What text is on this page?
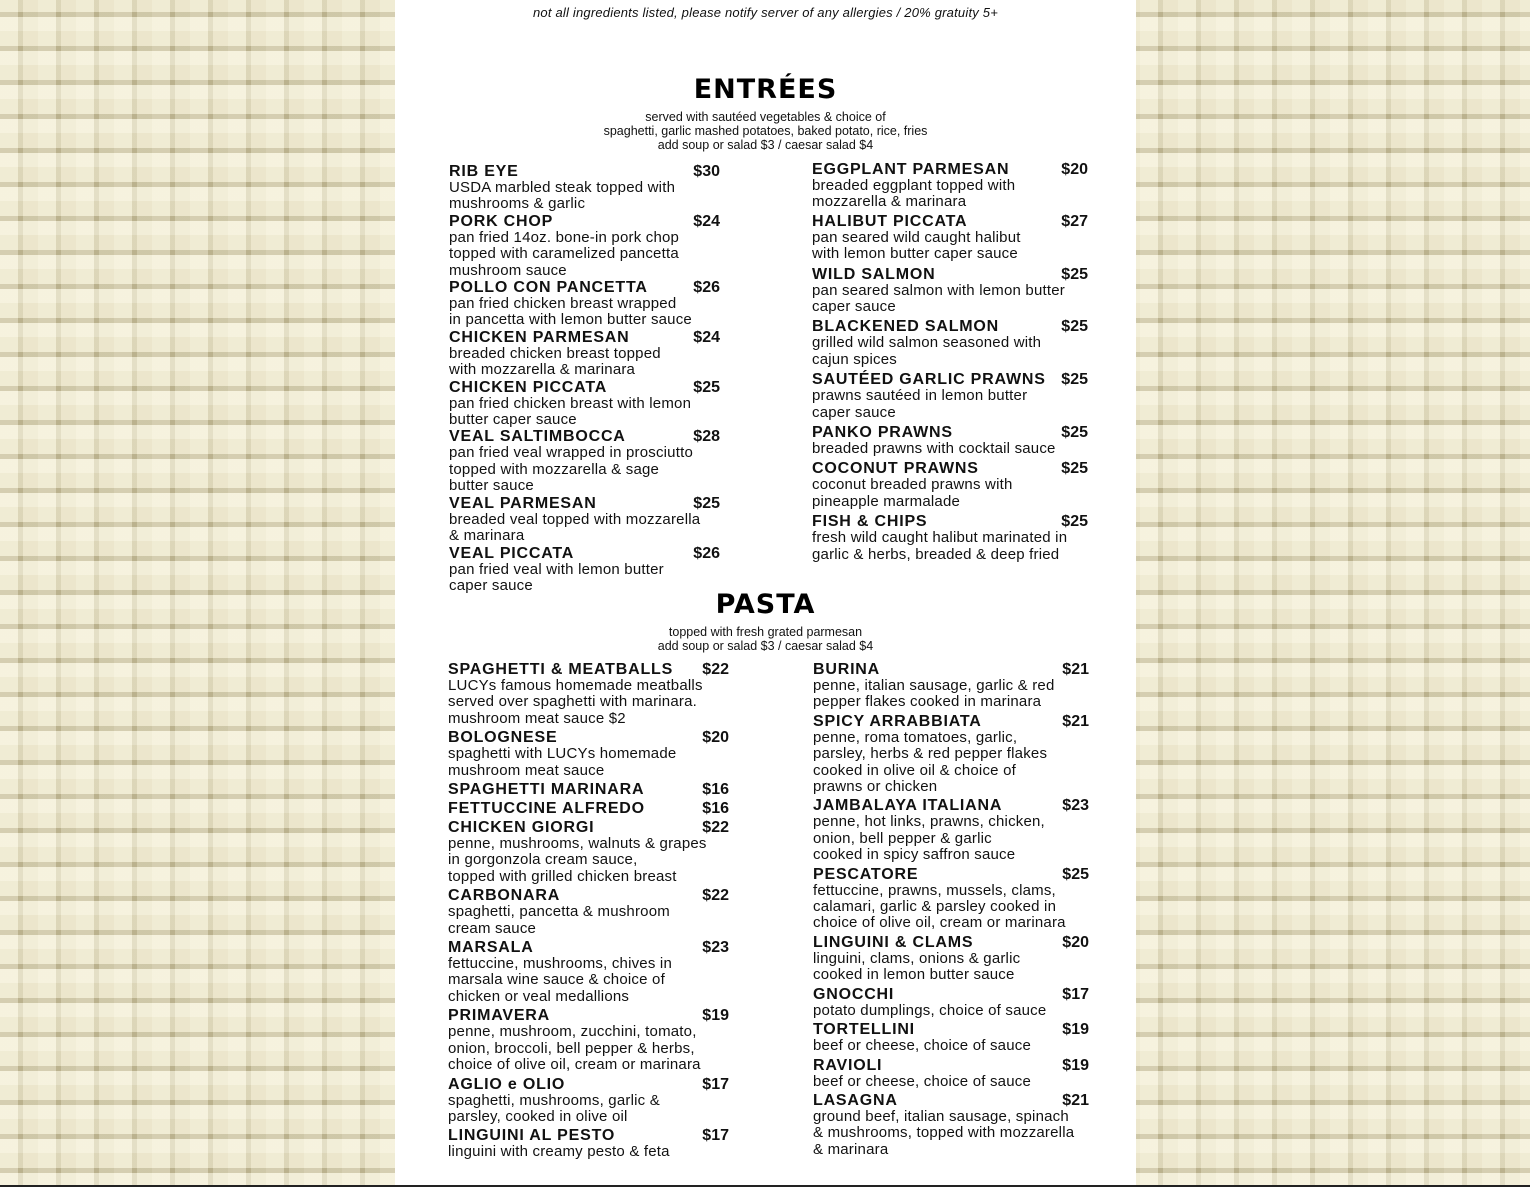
not all ingredients listed, please notify server of any allergies / 20% gratuity 5+
ENTRÉES
served with sautéed vegetables & choice of
spaghetti, garlic mashed potatoes, baked potato, rice, fries
add soup or salad $3 / caesar salad $4
RIB EYE	$30
USDA marbled steak topped with
mushrooms & garlic
PORK CHOP	$24
pan fried 14oz. bone-in pork chop
topped with caramelized pancetta
mushroom sauce
POLLO CON PANCETTA	$26
pan fried chicken breast wrapped
in pancetta with lemon butter sauce
CHICKEN PARMESAN	$24
breaded chicken breast topped
with mozzarella & marinara
CHICKEN PICCATA	$25
pan fried chicken breast with lemon
butter caper sauce
VEAL SALTIMBOCCA	$28
pan fried veal wrapped in prosciutto
topped with mozzarella & sage
butter sauce
VEAL PARMESAN	$25
breaded veal topped with mozzarella
& marinara
VEAL PICCATA	$26
pan fried veal with lemon butter
caper sauce
EGGPLANT PARMESAN	$20
breaded eggplant topped with
mozzarella & marinara
HALIBUT PICCATA	$27
pan seared wild caught halibut
with lemon butter caper sauce
WILD SALMON	$25
pan seared salmon with lemon butter
caper sauce
BLACKENED SALMON	$25
grilled wild salmon seasoned with
cajun spices
SAUTÉED GARLIC PRAWNS $25
prawns sautéed in lemon butter
caper sauce
PANKO PRAWNS	$25
breaded prawns with cocktail sauce
COCONUT PRAWNS	$25
coconut breaded prawns with
pineapple marmalade
FISH & CHIPS	$25
fresh wild caught halibut marinated in
garlic & herbs, breaded & deep fried
PASTA
topped with fresh grated parmesan
add soup or salad $3 / caesar salad $4
SPAGHETTI & MEATBALLS $22
LUCYs famous homemade meatballs
served over spaghetti with marinara.
mushroom meat sauce $2
BOLOGNESE	$20
spaghetti with LUCYs homemade
mushroom meat sauce
SPAGHETTI MARINARA	$16
FETTUCCINE ALFREDO	$16
CHICKEN GIORGI	$22
penne, mushrooms, walnuts & grapes
in gorgonzola cream sauce,
topped with grilled chicken breast
CARBONARA	$22
spaghetti, pancetta & mushroom
cream sauce
MARSALA	$23
fettuccine, mushrooms, chives in
marsala wine sauce & choice of
chicken or veal medallions
PRIMAVERA	$19
penne, mushroom, zucchini, tomato,
onion, broccoli, bell pepper & herbs,
choice of olive oil, cream or marinara
AGLIO e OLIO	$17
spaghetti, mushrooms, garlic &
parsley, cooked in olive oil
LINGUINI AL PESTO	$17
linguini with creamy pesto & feta
BURINA	$21
penne, italian sausage, garlic & red
pepper flakes cooked in marinara
SPICY ARRABBIATA	$21
penne, roma tomatoes, garlic,
parsley, herbs & red pepper flakes
cooked in olive oil & choice of
prawns or chicken
JAMBALAYA ITALIANA	$23
penne, hot links, prawns, chicken,
onion, bell pepper & garlic
cooked in spicy saffron sauce
PESCATORE	$25
fettuccine, prawns, mussels, clams,
calamari, garlic & parsley cooked in
choice of olive oil, cream or marinara
LINGUINI & CLAMS	$20
linguini, clams, onions & garlic
cooked in lemon butter sauce
GNOCCHI	$17
potato dumplings, choice of sauce
TORTELLINI	$19
beef or cheese, choice of sauce
RAVIOLI	$19
beef or cheese, choice of sauce
LASAGNA	$21
ground beef, italian sausage, spinach
& mushrooms, topped with mozzarella
& marinara
